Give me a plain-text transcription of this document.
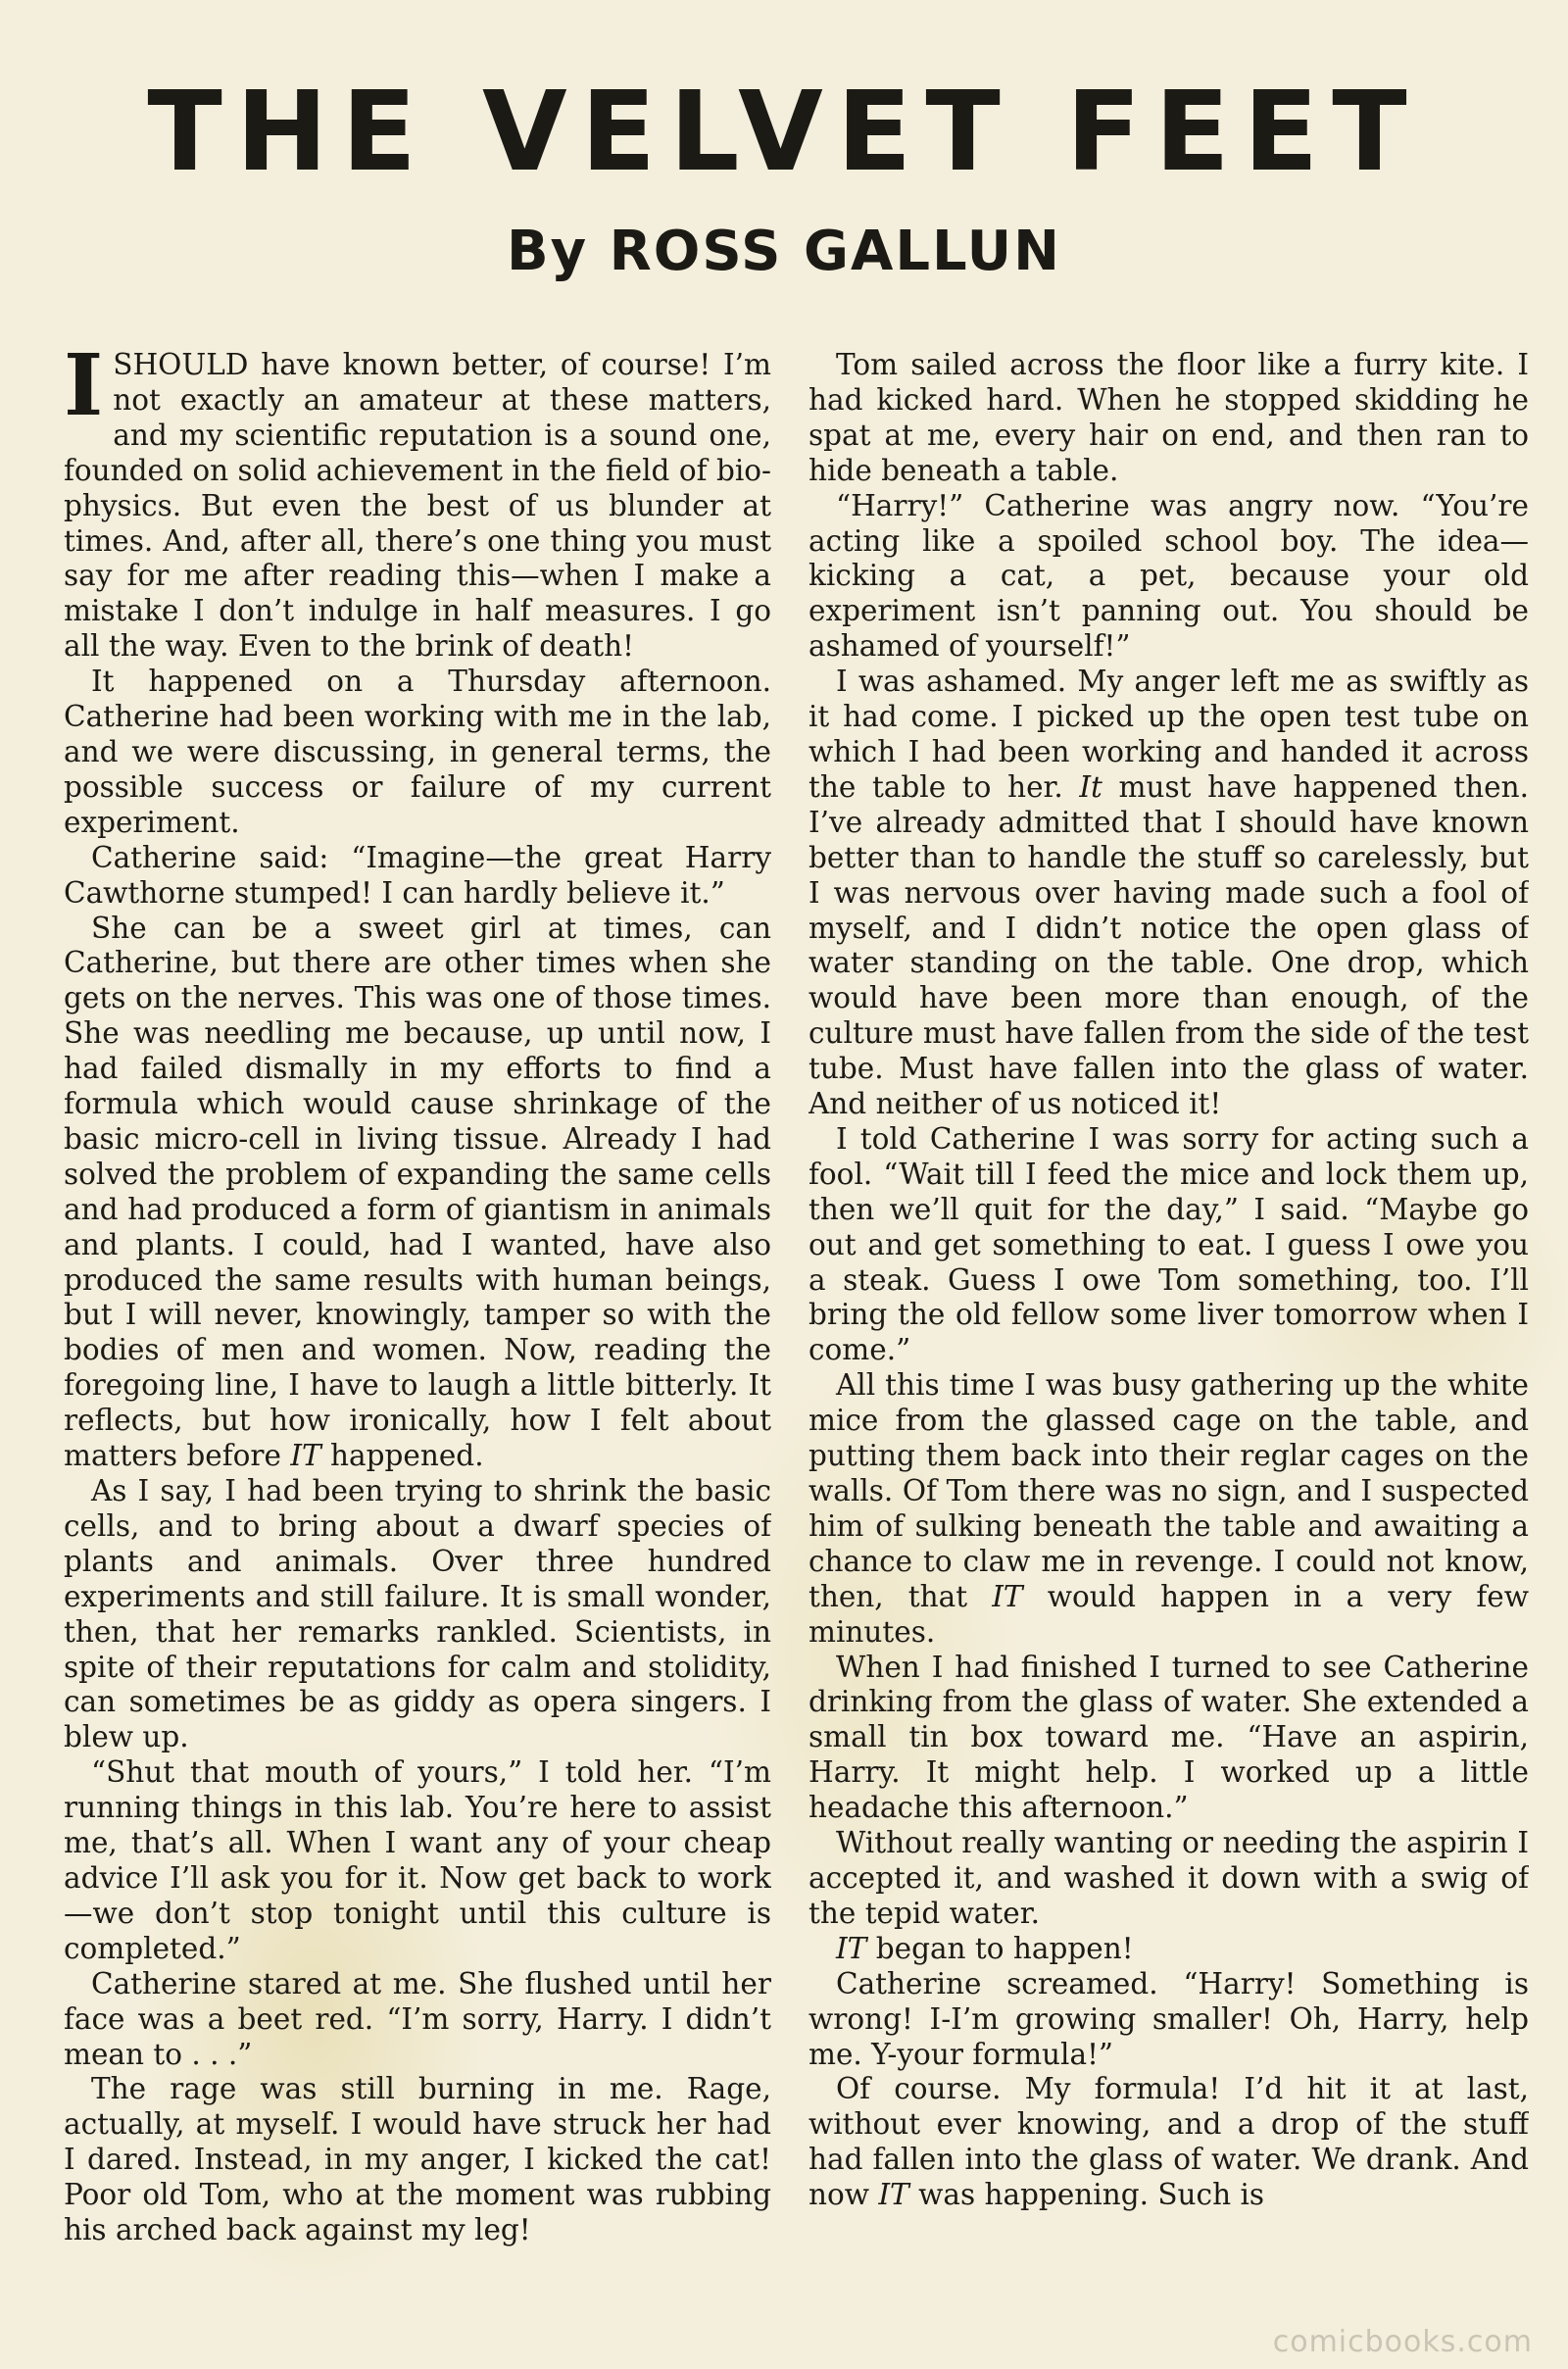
THE VELVET FEET
By ROSS GALLUN

ISHOULD have known better, of course! I’m not exactly an amateur at these matters, and my scientific reputation is a sound one, founded on solid achievement in the field of bio-physics. But even the best of us blunder at times. And, after all, there’s one thing you must say for me after reading this—when I make a mistake I don’t indulge in half measures. I go all the way. Even to the brink of death!

It happened on a Thursday afternoon. Catherine had been working with me in the lab, and we were discussing, in general terms, the possible success or failure of my current experiment.

Catherine said: “Imagine—the great Harry Cawthorne stumped! I can hardly believe it.”

She can be a sweet girl at times, can Catherine, but there are other times when she gets on the nerves. This was one of those times. She was needling me because, up until now, I had failed dismally in my efforts to find a formula which would cause shrinkage of the basic micro-cell in living tissue. Already I had solved the problem of expanding the same cells and had produced a form of giantism in animals and plants. I could, had I wanted, have also produced the same results with human beings, but I will never, knowingly, tamper so with the bodies of men and women. Now, reading the foregoing line, I have to laugh a little bitterly. It reflects, but how ironically, how I felt about matters before IT happened.

As I say, I had been trying to shrink the basic cells, and to bring about a dwarf species of plants and animals. Over three hundred experiments and still failure. It is small wonder, then, that her remarks rankled. Scientists, in spite of their reputations for calm and stolidity, can sometimes be as giddy as opera singers. I blew up.

“Shut that mouth of yours,” I told her. “I’m running things in this lab. You’re here to assist me, that’s all. When I want any of your cheap advice I’ll ask you for it. Now get back to work—we don’t stop tonight until this culture is completed.”

Catherine stared at me. She flushed until her face was a beet red. “I’m sorry, Harry. I didn’t mean to . . .”

The rage was still burning in me. Rage, actually, at myself. I would have struck her had I dared. Instead, in my anger, I kicked the cat! Poor old Tom, who at the moment was rubbing his arched back against my leg!

Tom sailed across the floor like a furry kite. I had kicked hard. When he stopped skidding he spat at me, every hair on end, and then ran to hide beneath a table.

“Harry!” Catherine was angry now. “You’re acting like a spoiled school boy. The idea—kicking a cat, a pet, because your old experiment isn’t panning out. You should be ashamed of yourself!”

I was ashamed. My anger left me as swiftly as it had come. I picked up the open test tube on which I had been working and handed it across the table to her. It must have happened then. I’ve already admitted that I should have known better than to handle the stuff so carelessly, but I was nervous over having made such a fool of myself, and I didn’t notice the open glass of water standing on the table. One drop, which would have been more than enough, of the culture must have fallen from the side of the test tube. Must have fallen into the glass of water. And neither of us noticed it!

I told Catherine I was sorry for acting such a fool. “Wait till I feed the mice and lock them up, then we’ll quit for the day,” I said. “Maybe go out and get something to eat. I guess I owe you a steak. Guess I owe Tom something, too. I’ll bring the old fellow some liver tomorrow when I come.”

All this time I was busy gathering up the white mice from the glassed cage on the table, and putting them back into their reglar cages on the walls. Of Tom there was no sign, and I suspected him of sulking beneath the table and awaiting a chance to claw me in revenge. I could not know, then, that IT would happen in a very few minutes.

When I had finished I turned to see Catherine drinking from the glass of water. She extended a small tin box toward me. “Have an aspirin, Harry. It might help. I worked up a little headache this afternoon.”

Without really wanting or needing the aspirin I accepted it, and washed it down with a swig of the tepid water.

IT began to happen!

Catherine screamed. “Harry! Something is wrong! I-I’m growing smaller! Oh, Harry, help me. Y-your formula!”

Of course. My formula! I’d hit it at last, without ever knowing, and a drop of the stuff had fallen into the glass of water. We drank. And now IT was happening. Such is

comicbooks.com
